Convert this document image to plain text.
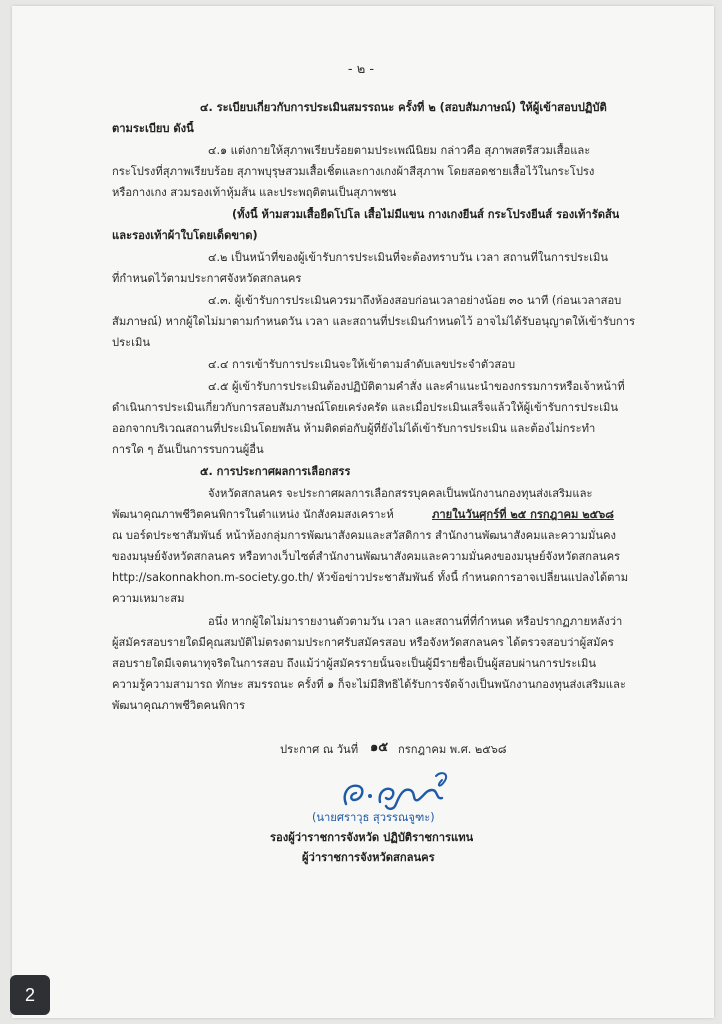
- ๒ -
๔. ระเบียบเกี่ยวกับการประเมินสมรรถนะ ครั้งที่ ๒ (สอบสัมภาษณ์) ให้ผู้เข้าสอบปฏิบัติ
ตามระเบียบ ดังนี้
๔.๑ แต่งกายให้สุภาพเรียบร้อยตามประเพณีนิยม กล่าวคือ สุภาพสตรีสวมเสื้อและ
กระโปรงที่สุภาพเรียบร้อย สุภาพบุรุษสวมเสื้อเชิ้ตและกางเกงผ้าสีสุภาพ โดยสอดชายเสื้อไว้ในกระโปรง
หรือกางเกง สวมรองเท้าหุ้มส้น และประพฤติตนเป็นสุภาพชน
(ทั้งนี้ ห้ามสวมเสื้อยืดโปโล เสื้อไม่มีแขน กางเกงยีนส์ กระโปรงยีนส์ รองเท้ารัดส้น
และรองเท้าผ้าใบโดยเด็ดขาด)
๔.๒ เป็นหน้าที่ของผู้เข้ารับการประเมินที่จะต้องทราบวัน เวลา สถานที่ในการประเมิน
ที่กำหนดไว้ตามประกาศจังหวัดสกลนคร
๔.๓. ผู้เข้ารับการประเมินควรมาถึงห้องสอบก่อนเวลาอย่างน้อย ๓๐ นาที (ก่อนเวลาสอบ
สัมภาษณ์) หากผู้ใดไม่มาตามกำหนดวัน เวลา และสถานที่ประเมินกำหนดไว้ อาจไม่ได้รับอนุญาตให้เข้ารับการ
ประเมิน
๔.๔ การเข้ารับการประเมินจะให้เข้าตามลำดับเลขประจำตัวสอบ
๔.๕ ผู้เข้ารับการประเมินต้องปฏิบัติตามคำสั่ง และคำแนะนำของกรรมการหรือเจ้าหน้าที่
ดำเนินการประเมินเกี่ยวกับการสอบสัมภาษณ์โดยเคร่งครัด และเมื่อประเมินเสร็จแล้วให้ผู้เข้ารับการประเมิน
ออกจากบริเวณสถานที่ประเมินโดยพลัน ห้ามติดต่อกับผู้ที่ยังไม่ได้เข้ารับการประเมิน และต้องไม่กระทำ
การใด ๆ อันเป็นการรบกวนผู้อื่น
๕. การประกาศผลการเลือกสรร
จังหวัดสกลนคร จะประกาศผลการเลือกสรรบุคคลเป็นพนักงานกองทุนส่งเสริมและ
พัฒนาคุณภาพชีวิตคนพิการในตำแหน่ง นักสังคมสงเคราะห์	ภายในวันศุกร์ที่ ๒๕ กรกฎาคม ๒๕๖๘
ณ บอร์ดประชาสัมพันธ์ หน้าห้องกลุ่มการพัฒนาสังคมและสวัสดิการ สำนักงานพัฒนาสังคมและความมั่นคง
ของมนุษย์จังหวัดสกลนคร หรือทางเว็บไซต์สำนักงานพัฒนาสังคมและความมั่นคงของมนุษย์จังหวัดสกลนคร
http://sakonnakhon.m-society.go.th/ หัวข้อข่าวประชาสัมพันธ์ ทั้งนี้ กำหนดการอาจเปลี่ยนแปลงได้ตาม
ความเหมาะสม
อนึ่ง หากผู้ใดไม่มารายงานตัวตามวัน เวลา และสถานที่ที่กำหนด หรือปรากฏภายหลังว่า
ผู้สมัครสอบรายใดมีคุณสมบัติไม่ตรงตามประกาศรับสมัครสอบ หรือจังหวัดสกลนคร ได้ตรวจสอบว่าผู้สมัคร
สอบรายใดมีเจตนาทุจริตในการสอบ ถึงแม้ว่าผู้สมัครรายนั้นจะเป็นผู้มีรายชื่อเป็นผู้สอบผ่านการประเมิน
ความรู้ความสามารถ ทักษะ สมรรถนะ ครั้งที่ ๑ ก็จะไม่มีสิทธิได้รับการจัดจ้างเป็นพนักงานกองทุนส่งเสริมและ
พัฒนาคุณภาพชีวิตคนพิการ
ประกาศ ณ วันที่ ๑๕ กรกฎาคม พ.ศ. ๒๕๖๘
(นายศราวุธ สุวรรณจูฑะ)
รองผู้ว่าราชการจังหวัด ปฏิบัติราชการแทน
ผู้ว่าราชการจังหวัดสกลนคร
2
